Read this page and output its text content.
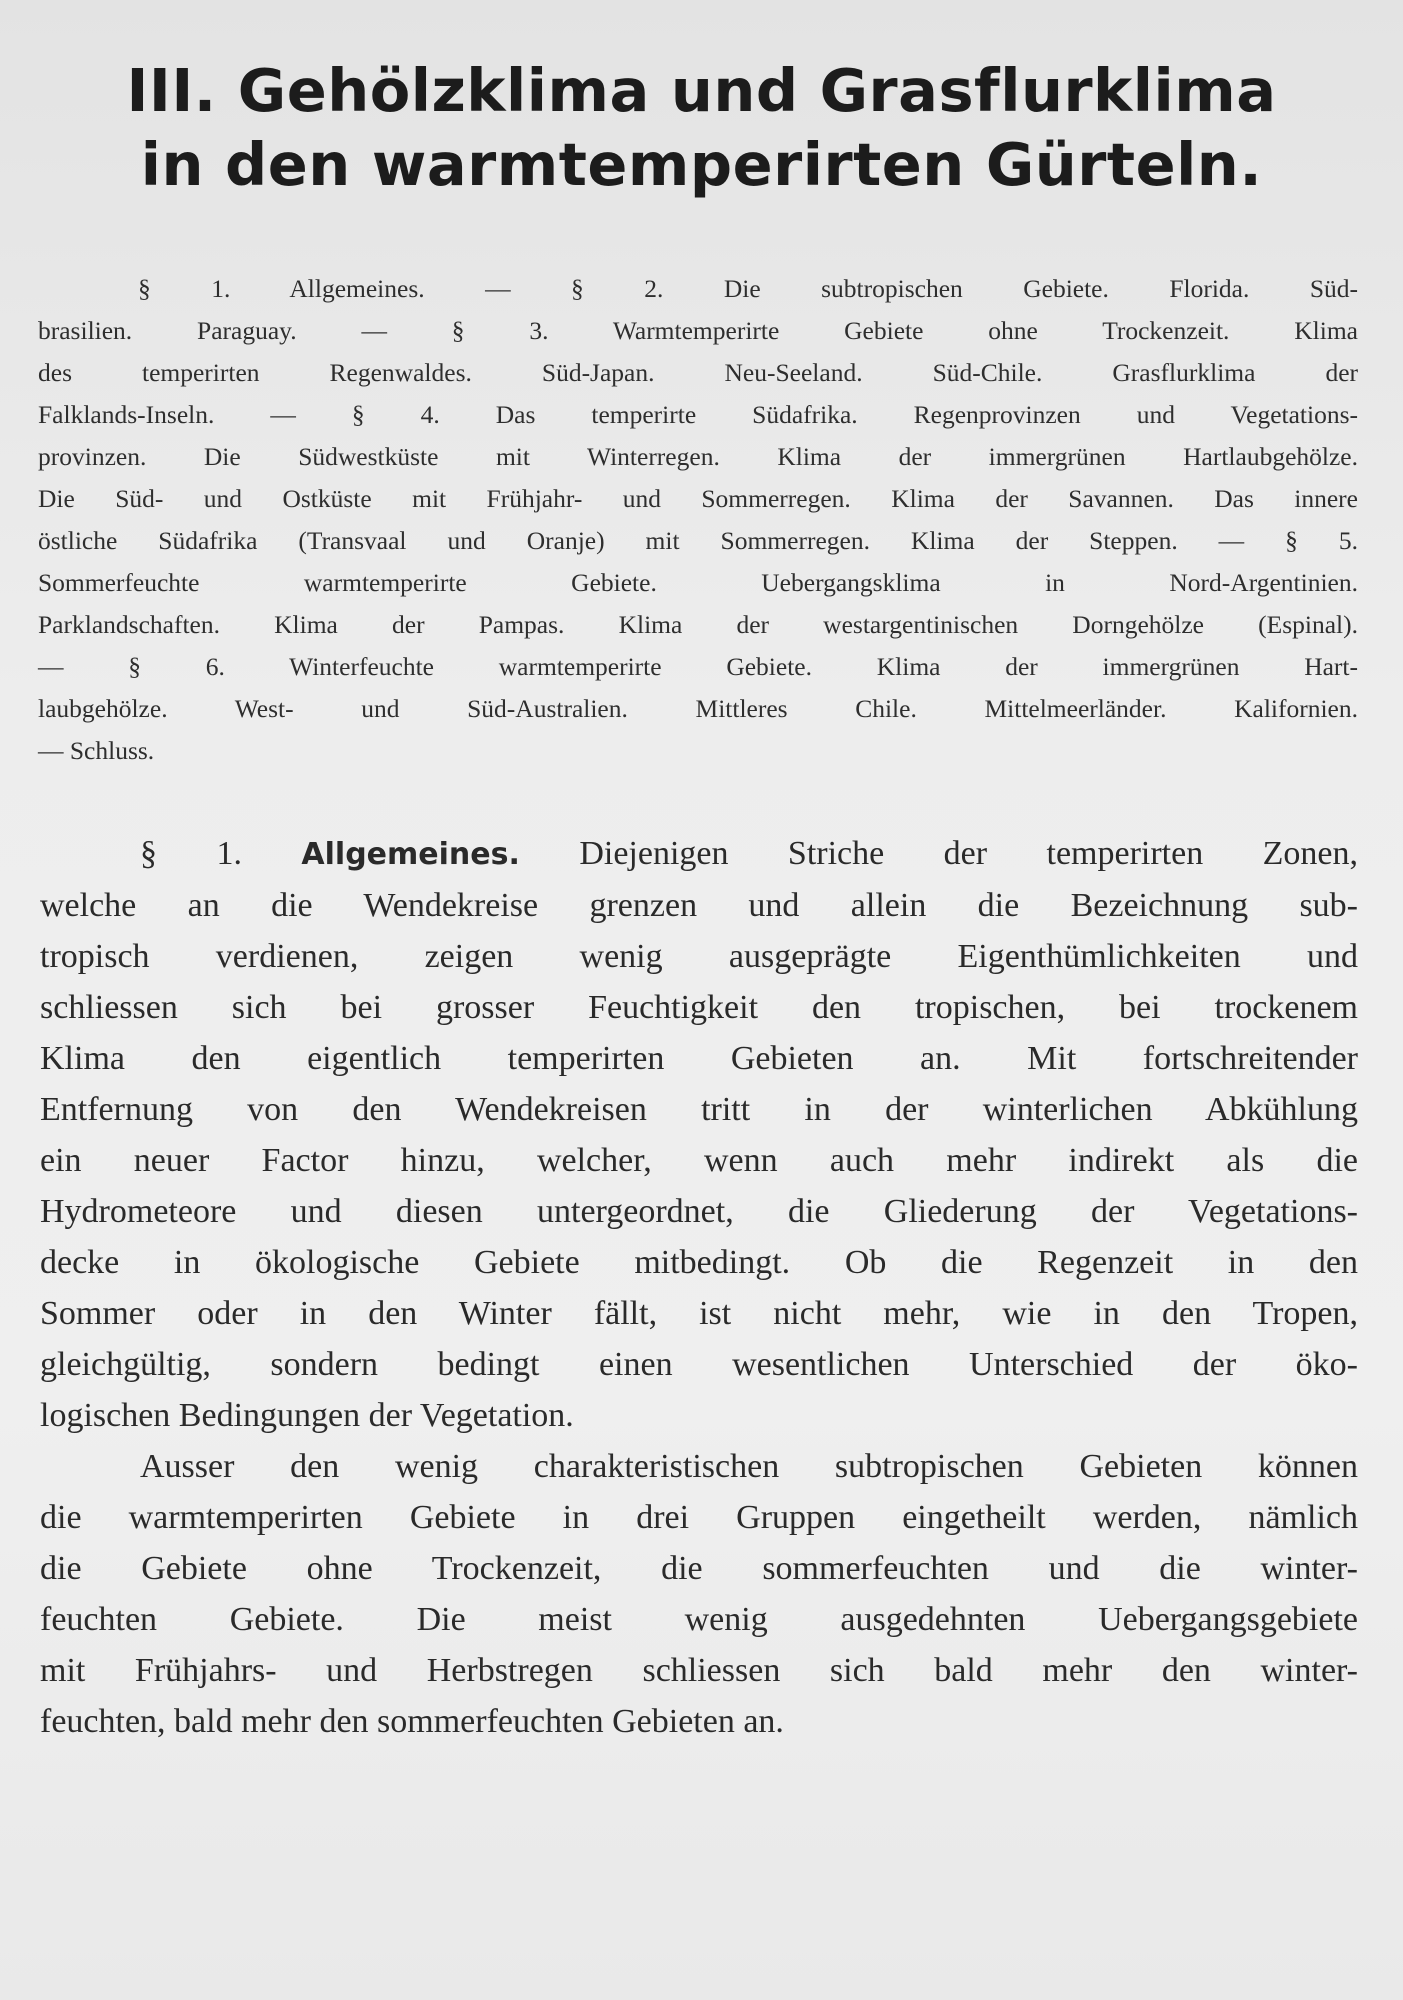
III. Gehölzklima und Grasflurklima
in den warmtemperirten Gürteln.
§ 1. Allgemeines. — § 2. Die subtropischen Gebiete. Florida. Süd-
brasilien. Paraguay. — § 3. Warmtemperirte Gebiete ohne Trockenzeit. Klima
des temperirten Regenwaldes. Süd-Japan. Neu-Seeland. Süd-Chile. Grasflurklima der
Falklands-Inseln. — § 4. Das temperirte Südafrika. Regenprovinzen und Vegetations-
provinzen. Die Südwestküste mit Winterregen. Klima der immergrünen Hartlaubgehölze.
Die Süd- und Ostküste mit Frühjahr- und Sommerregen. Klima der Savannen. Das innere
östliche Südafrika (Transvaal und Oranje) mit Sommerregen. Klima der Steppen. — § 5.
Sommerfeuchte warmtemperirte Gebiete. Uebergangsklima in Nord-Argentinien.
Parklandschaften. Klima der Pampas. Klima der westargentinischen Dorngehölze (Espinal).
— § 6. Winterfeuchte warmtemperirte Gebiete. Klima der immergrünen Hart-
laubgehölze. West- und Süd-Australien. Mittleres Chile. Mittelmeerländer. Kalifornien.
— Schluss.
§ 1. Allgemeines. Diejenigen Striche der temperirten Zonen,
welche an die Wendekreise grenzen und allein die Bezeichnung sub-
tropisch verdienen, zeigen wenig ausgeprägte Eigenthümlichkeiten und
schliessen sich bei grosser Feuchtigkeit den tropischen, bei trockenem
Klima den eigentlich temperirten Gebieten an. Mit fortschreitender
Entfernung von den Wendekreisen tritt in der winterlichen Abkühlung
ein neuer Factor hinzu, welcher, wenn auch mehr indirekt als die
Hydrometeore und diesen untergeordnet, die Gliederung der Vegetations-
decke in ökologische Gebiete mitbedingt. Ob die Regenzeit in den
Sommer oder in den Winter fällt, ist nicht mehr, wie in den Tropen,
gleichgültig, sondern bedingt einen wesentlichen Unterschied der öko-
logischen Bedingungen der Vegetation.
Ausser den wenig charakteristischen subtropischen Gebieten können
die warmtemperirten Gebiete in drei Gruppen eingetheilt werden, nämlich
die Gebiete ohne Trockenzeit, die sommerfeuchten und die winter-
feuchten Gebiete. Die meist wenig ausgedehnten Uebergangsgebiete
mit Frühjahrs- und Herbstregen schliessen sich bald mehr den winter-
feuchten, bald mehr den sommerfeuchten Gebieten an.
